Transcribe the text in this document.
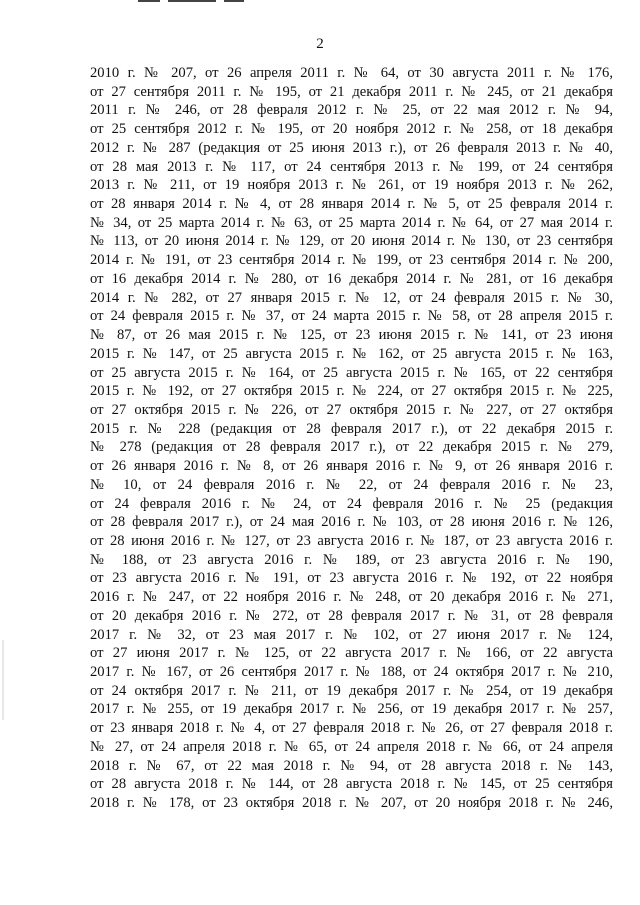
2
2010 г. № 207, от 26 апреля 2011 г. № 64, от 30 августа 2011 г. № 176,
от 27 сентября 2011 г. № 195, от 21 декабря 2011 г. № 245, от 21 декабря
2011 г. № 246, от 28 февраля 2012 г. № 25, от 22 мая 2012 г. № 94,
от 25 сентября 2012 г. № 195, от 20 ноября 2012 г. № 258, от 18 декабря
2012 г. № 287 (редакция от 25 июня 2013 г.), от 26 февраля 2013 г. № 40,
от 28 мая 2013 г. № 117, от 24 сентября 2013 г. № 199, от 24 сентября
2013 г. № 211, от 19 ноября 2013 г. № 261, от 19 ноября 2013 г. № 262,
от 28 января 2014 г. № 4, от 28 января 2014 г. № 5, от 25 февраля 2014 г.
№ 34, от 25 марта 2014 г. № 63, от 25 марта 2014 г. № 64, от 27 мая 2014 г.
№ 113, от 20 июня 2014 г. № 129, от 20 июня 2014 г. № 130, от 23 сентября
2014 г. № 191, от 23 сентября 2014 г. № 199, от 23 сентября 2014 г. № 200,
от 16 декабря 2014 г. № 280, от 16 декабря 2014 г. № 281, от 16 декабря
2014 г. № 282, от 27 января 2015 г. № 12, от 24 февраля 2015 г. № 30,
от 24 февраля 2015 г. № 37, от 24 марта 2015 г. № 58, от 28 апреля 2015 г.
№ 87, от 26 мая 2015 г. № 125, от 23 июня 2015 г. № 141, от 23 июня
2015 г. № 147, от 25 августа 2015 г. № 162, от 25 августа 2015 г. № 163,
от 25 августа 2015 г. № 164, от 25 августа 2015 г. № 165, от 22 сентября
2015 г. № 192, от 27 октября 2015 г. № 224, от 27 октября 2015 г. № 225,
от 27 октября 2015 г. № 226, от 27 октября 2015 г. № 227, от 27 октября
2015 г. № 228 (редакция от 28 февраля 2017 г.), от 22 декабря 2015 г.
№ 278 (редакция от 28 февраля 2017 г.), от 22 декабря 2015 г. № 279,
от 26 января 2016 г. № 8, от 26 января 2016 г. № 9, от 26 января 2016 г.
№ 10, от 24 февраля 2016 г. № 22, от 24 февраля 2016 г. № 23,
от 24 февраля 2016 г. № 24, от 24 февраля 2016 г. № 25 (редакция
от 28 февраля 2017 г.), от 24 мая 2016 г. № 103, от 28 июня 2016 г. № 126,
от 28 июня 2016 г. № 127, от 23 августа 2016 г. № 187, от 23 августа 2016 г.
№ 188, от 23 августа 2016 г. № 189, от 23 августа 2016 г. № 190,
от 23 августа 2016 г. № 191, от 23 августа 2016 г. № 192, от 22 ноября
2016 г. № 247, от 22 ноября 2016 г. № 248, от 20 декабря 2016 г. № 271,
от 20 декабря 2016 г. № 272, от 28 февраля 2017 г. № 31, от 28 февраля
2017 г. № 32, от 23 мая 2017 г. № 102, от 27 июня 2017 г. № 124,
от 27 июня 2017 г. № 125, от 22 августа 2017 г. № 166, от 22 августа
2017 г. № 167, от 26 сентября 2017 г. № 188, от 24 октября 2017 г. № 210,
от 24 октября 2017 г. № 211, от 19 декабря 2017 г. № 254, от 19 декабря
2017 г. № 255, от 19 декабря 2017 г. № 256, от 19 декабря 2017 г. № 257,
от 23 января 2018 г. № 4, от 27 февраля 2018 г. № 26, от 27 февраля 2018 г.
№ 27, от 24 апреля 2018 г. № 65, от 24 апреля 2018 г. № 66, от 24 апреля
2018 г. № 67, от 22 мая 2018 г. № 94, от 28 августа 2018 г. № 143,
от 28 августа 2018 г. № 144, от 28 августа 2018 г. № 145, от 25 сентября
2018 г. № 178, от 23 октября 2018 г. № 207, от 20 ноября 2018 г. № 246,
